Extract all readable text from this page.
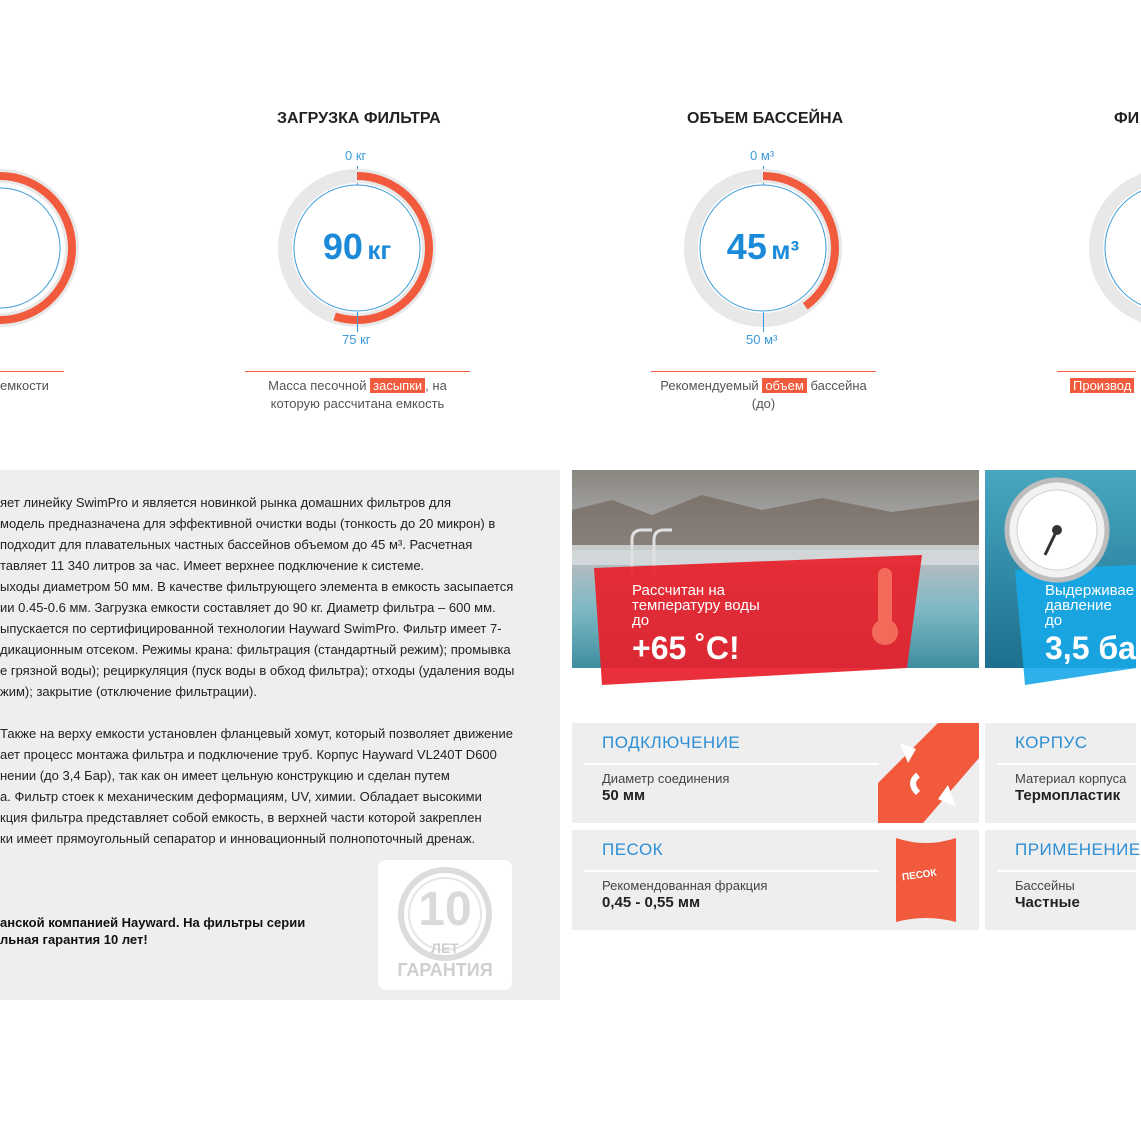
емкости
ЗАГРУЗКА ФИЛЬТРА
0 кг
90 кг
75 кг
Масса песочной засыпки , на которую рассчитана емкость
ОБЪЕМ БАССЕЙНА
0 м³
45 м³
50 м³
Рекомендуемый объем бассейна (до)
ФИ
Производ
яет линейку SwimPro и является новинкой рынка домашних фильтров для
модель предназначена для эффективной очистки воды (тонкость до 20 микрон) в
подходит для плавательных частных бассейнов объемом до 45 м³. Расчетная
тавляет 11 340 литров за час. Имеет верхнее подключение к системе.
ыходы диаметром 50 мм. В качестве фильтрующего элемента в емкость засыпается
ии 0.45-0.6 мм. Загрузка емкости составляет до 90 кг. Диаметр фильтра – 600 мм.
ыпускается по сертифицированной технологии Hayward SwimPro. Фильтр имеет 7-
дикационным отсеком. Режимы крана: фильтрация (стандартный режим); промывка
е грязной воды); рециркуляция (пуск воды в обход фильтра); отходы (удаления воды
жим); закрытие (отключение фильтрации).
Также на верху емкости установлен фланцевый хомут, который позволяет движение
ает процесс монтажа фильтра и подключение труб. Корпус Hayward VL240T D600
нении (до 3,4 Бар), так как он имеет цельную конструкцию и сделан путем
а. Фильтр стоек к механическим деформациям, UV, химии. Обладает высокими
кция фильтра представляет собой емкость, в верхней части которой закреплен
ки имеет прямоугольный сепаратор и инновационный полнопоточный дренаж.
анской компанией Hayward. На фильтры серии
льная гарантия 10 лет!
10
ЛЕТ
ГАРАНТИЯ
Рассчитан на
температуру воды
до
+65 ˚С!
Выдерживае
давление
до
3,5 ба
ПОДКЛЮЧЕНИЕ
Диаметр соединения
50 мм
КОРПУС
Материал корпуса
Термопластик
ПЕСОК
Рекомендованная фракция
0,45 - 0,55 мм
ПЕСОК
ПРИМЕНЕНИЕ
Бассейны
Частные
